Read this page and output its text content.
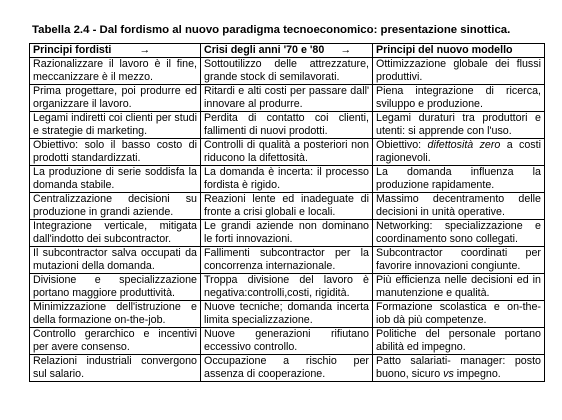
Tabella 2.4 - Dal fordismo al nuovo paradigma tecnoeconomico: presentazione sinottica.
Principi fordisti →	Crisi degli anni '70 e '80 →	Principi del nuovo modello
Razionalizzare il lavoro è il fine, meccanizzare è il mezzo.	Sottoutilizzo delle attrezzature, grande stock di semilavorati.	Ottimizzazione globale dei flussi produttivi.
Prima progettare, poi produrre ed organizzare il lavoro.	Ritardi e alti costi per passare dall' innovare al produrre.	Piena integrazione di ricerca, sviluppo e produzione.
Legami indiretti coi clienti per studi e strategie di marketing.	Perdita di contatto coi clienti, fallimenti di nuovi prodotti.	Legami duraturi tra produttori e utenti: si apprende con l'uso.
Obiettivo: solo il basso costo di prodotti standardizzati.	Controlli di qualità a posteriori non riducono la difettosità.	Obiettivo: difettosità zero a costi ragionevoli.
La produzione di serie soddisfa la domanda stabile.	La domanda è incerta: il processo fordista è rigido.	La domanda influenza la produzione rapidamente.
Centralizzazione decisioni su produzione in grandi aziende.	Reazioni lente ed inadeguate di fronte a crisi globali e locali.	Massimo decentramento delle decisioni in unità operative.
Integrazione verticale, mitigata dall'indotto dei subcontractor.	Le grandi aziende non dominano le forti innovazioni.	Networking: specializzazione e coordinamento sono collegati.
Il subcontractor salva occupati da mutazioni della domanda.	Fallimenti subcontractor per la concorrenza internazionale.	Subcontractor coordinati per favorire innovazioni congiunte.
Divisione e specializzazione portano maggiore produttività.	Troppa divisione del lavoro è negativa:controlli,costi, rigidità.	Più efficienza nelle decisioni ed in manutenzione e qualità.
Minimizzazione dell'istruzione e della formazione on-the-job.	Nuove tecniche; domanda incerta limita specializzazione.	Formazione scolastica e on-the-iob dà più competenze.
Controllo gerarchico e incentivi per avere consenso.	Nuove generazioni rifiutano eccessivo controllo.	Politiche del personale portano abilità ed impegno.
Relazioni industriali convergono sul salario.	Occupazione a rischio per assenza di cooperazione.	Patto salariati- manager: posto buono, sicuro vs impegno.
